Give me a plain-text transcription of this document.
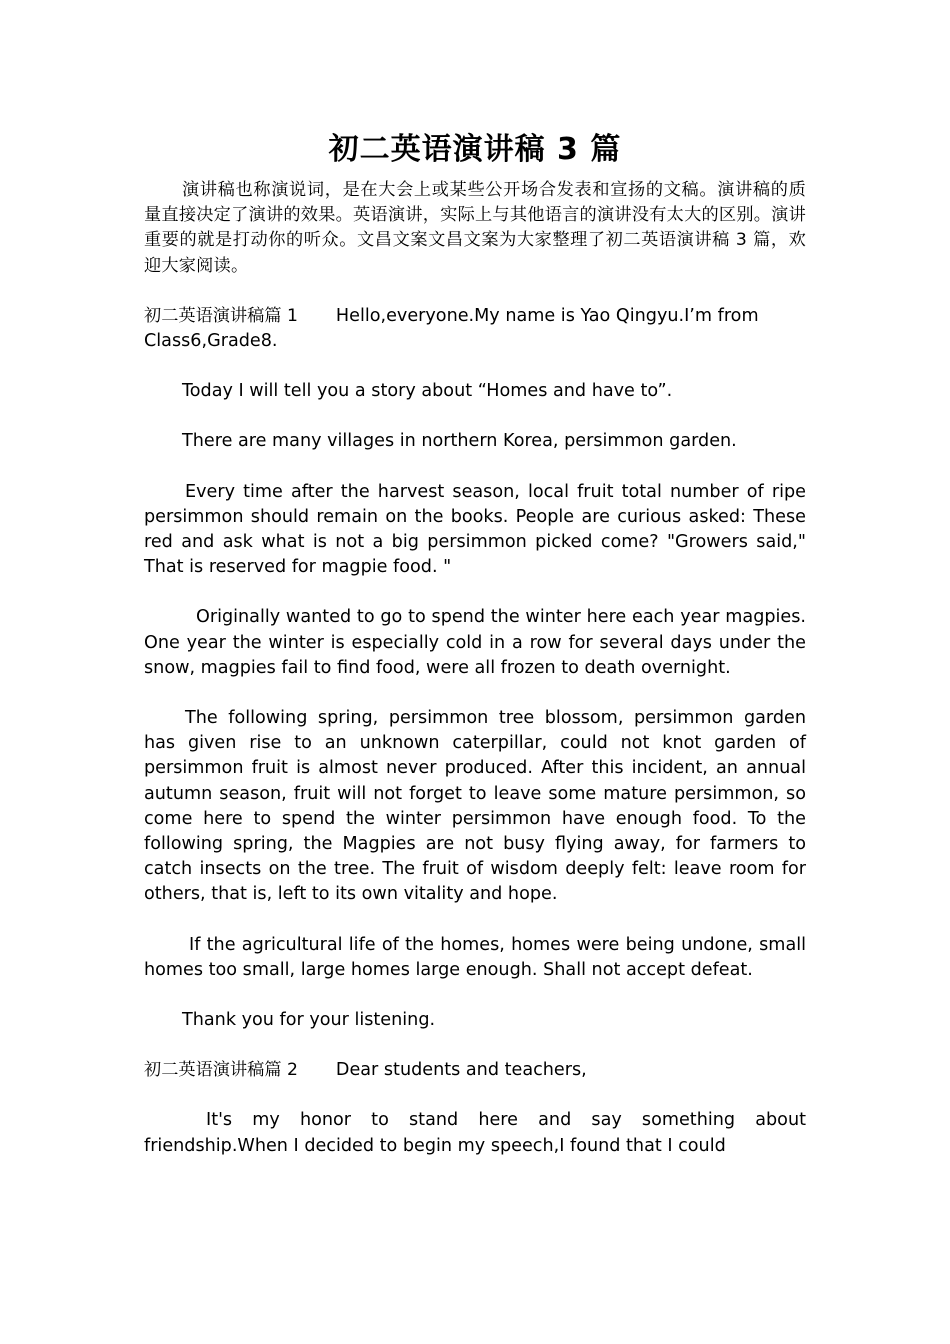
初二英语演讲稿 3 篇

演讲稿也称演说词，是在大会上或某些公开场合发表和宣扬的文稿。演讲稿的质量直接决定了演讲的效果。英语演讲，实际上与其他语言的演讲没有太大的区别。演讲重要的就是打动你的听众。文昌文案文昌文案为大家整理了初二英语演讲稿 3 篇，欢迎大家阅读。

初二英语演讲稿篇 1 Hello,everyone.My name is Yao Qingyu.I’m from Class6,Grade8.

Today I will tell you a story about “Homes and have to”.

There are many villages in northern Korea, persimmon garden.

Every time after the harvest season, local fruit total number of ripe persimmon should remain on the books. People are curious asked: These red and ask what is not a big persimmon picked come? "Growers said," That is reserved for magpie food. "

Originally wanted to go to spend the winter here each year magpies. One year the winter is especially cold in a row for several days under the snow, magpies fail to find food, were all frozen to death overnight.

The following spring, persimmon tree blossom, persimmon garden has given rise to an unknown caterpillar, could not knot garden of persimmon fruit is almost never produced. After this incident, an annual autumn season, fruit will not forget to leave some mature persimmon, so come here to spend the winter persimmon have enough food. To the following spring, the Magpies are not busy flying away, for farmers to catch insects on the tree. The fruit of wisdom deeply felt: leave room for others, that is, left to its own vitality and hope.

If the agricultural life of the homes, homes were being undone, small homes too small, large homes large enough. Shall not accept defeat.

Thank you for your listening.

初二英语演讲稿篇 2 Dear students and teachers,

It's my honor to stand here and say something about friendship.When I decided to begin my speech,I found that I could
